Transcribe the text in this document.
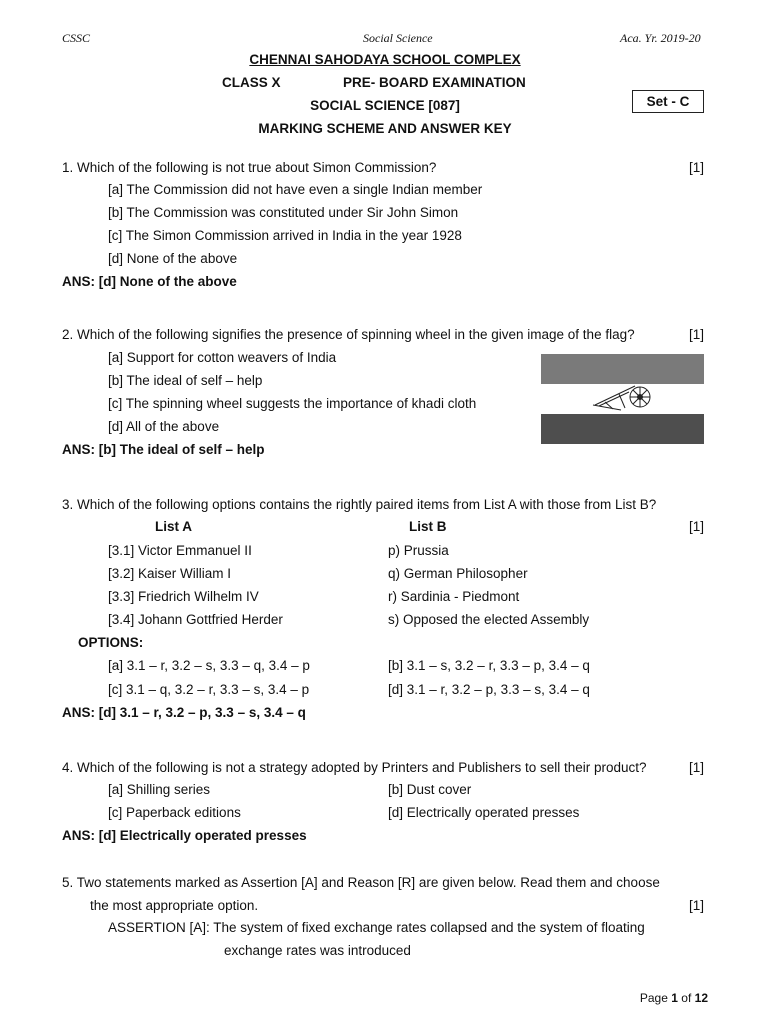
CSSC	Social Science	Aca. Yr. 2019-20
CHENNAI SAHODAYA SCHOOL COMPLEX
CLASS X	PRE- BOARD EXAMINATION
SOCIAL SCIENCE [087]	Set - C
MARKING SCHEME AND ANSWER KEY
1. Which of the following is not true about Simon Commission?	[1]
[a] The Commission did not have even a single Indian member
[b] The Commission was constituted under Sir John Simon
[c] The Simon Commission arrived in India in the year 1928
[d] None of the above
ANS: [d] None of the above
2. Which of the following signifies the presence of spinning wheel in the given image of the flag?	[1]
[a] Support for cotton weavers of India
[b] The ideal of self – help
[c] The spinning wheel suggests the importance of khadi cloth
[d] All of the above
ANS: [b] The ideal of self – help
3. Which of the following options contains the rightly paired items from List A with those from List B?
List A	List B	[1]
[3.1] Victor Emmanuel II	p) Prussia
[3.2] Kaiser William I	q) German Philosopher
[3.3] Friedrich Wilhelm IV	r) Sardinia - Piedmont
[3.4] Johann Gottfried Herder	s) Opposed the elected Assembly
OPTIONS:
[a] 3.1 – r, 3.2 – s, 3.3 – q, 3.4 – p	[b] 3.1 – s, 3.2 – r, 3.3 – p, 3.4 – q
[c] 3.1 – q, 3.2 – r, 3.3 – s, 3.4 – p	[d] 3.1 – r, 3.2 – p, 3.3 – s, 3.4 – q
ANS: [d] 3.1 – r, 3.2 – p, 3.3 – s, 3.4 – q
4. Which of the following is not a strategy adopted by Printers and Publishers to sell their product?	[1]
[a] Shilling series	[b] Dust cover
[c] Paperback editions	[d] Electrically operated presses
ANS: [d] Electrically operated presses
5. Two statements marked as Assertion [A] and Reason [R] are given below. Read them and choose
the most appropriate option.	[1]
ASSERTION [A]: The system of fixed exchange rates collapsed and the system of floating
exchange rates was introduced
Page 1 of 12
